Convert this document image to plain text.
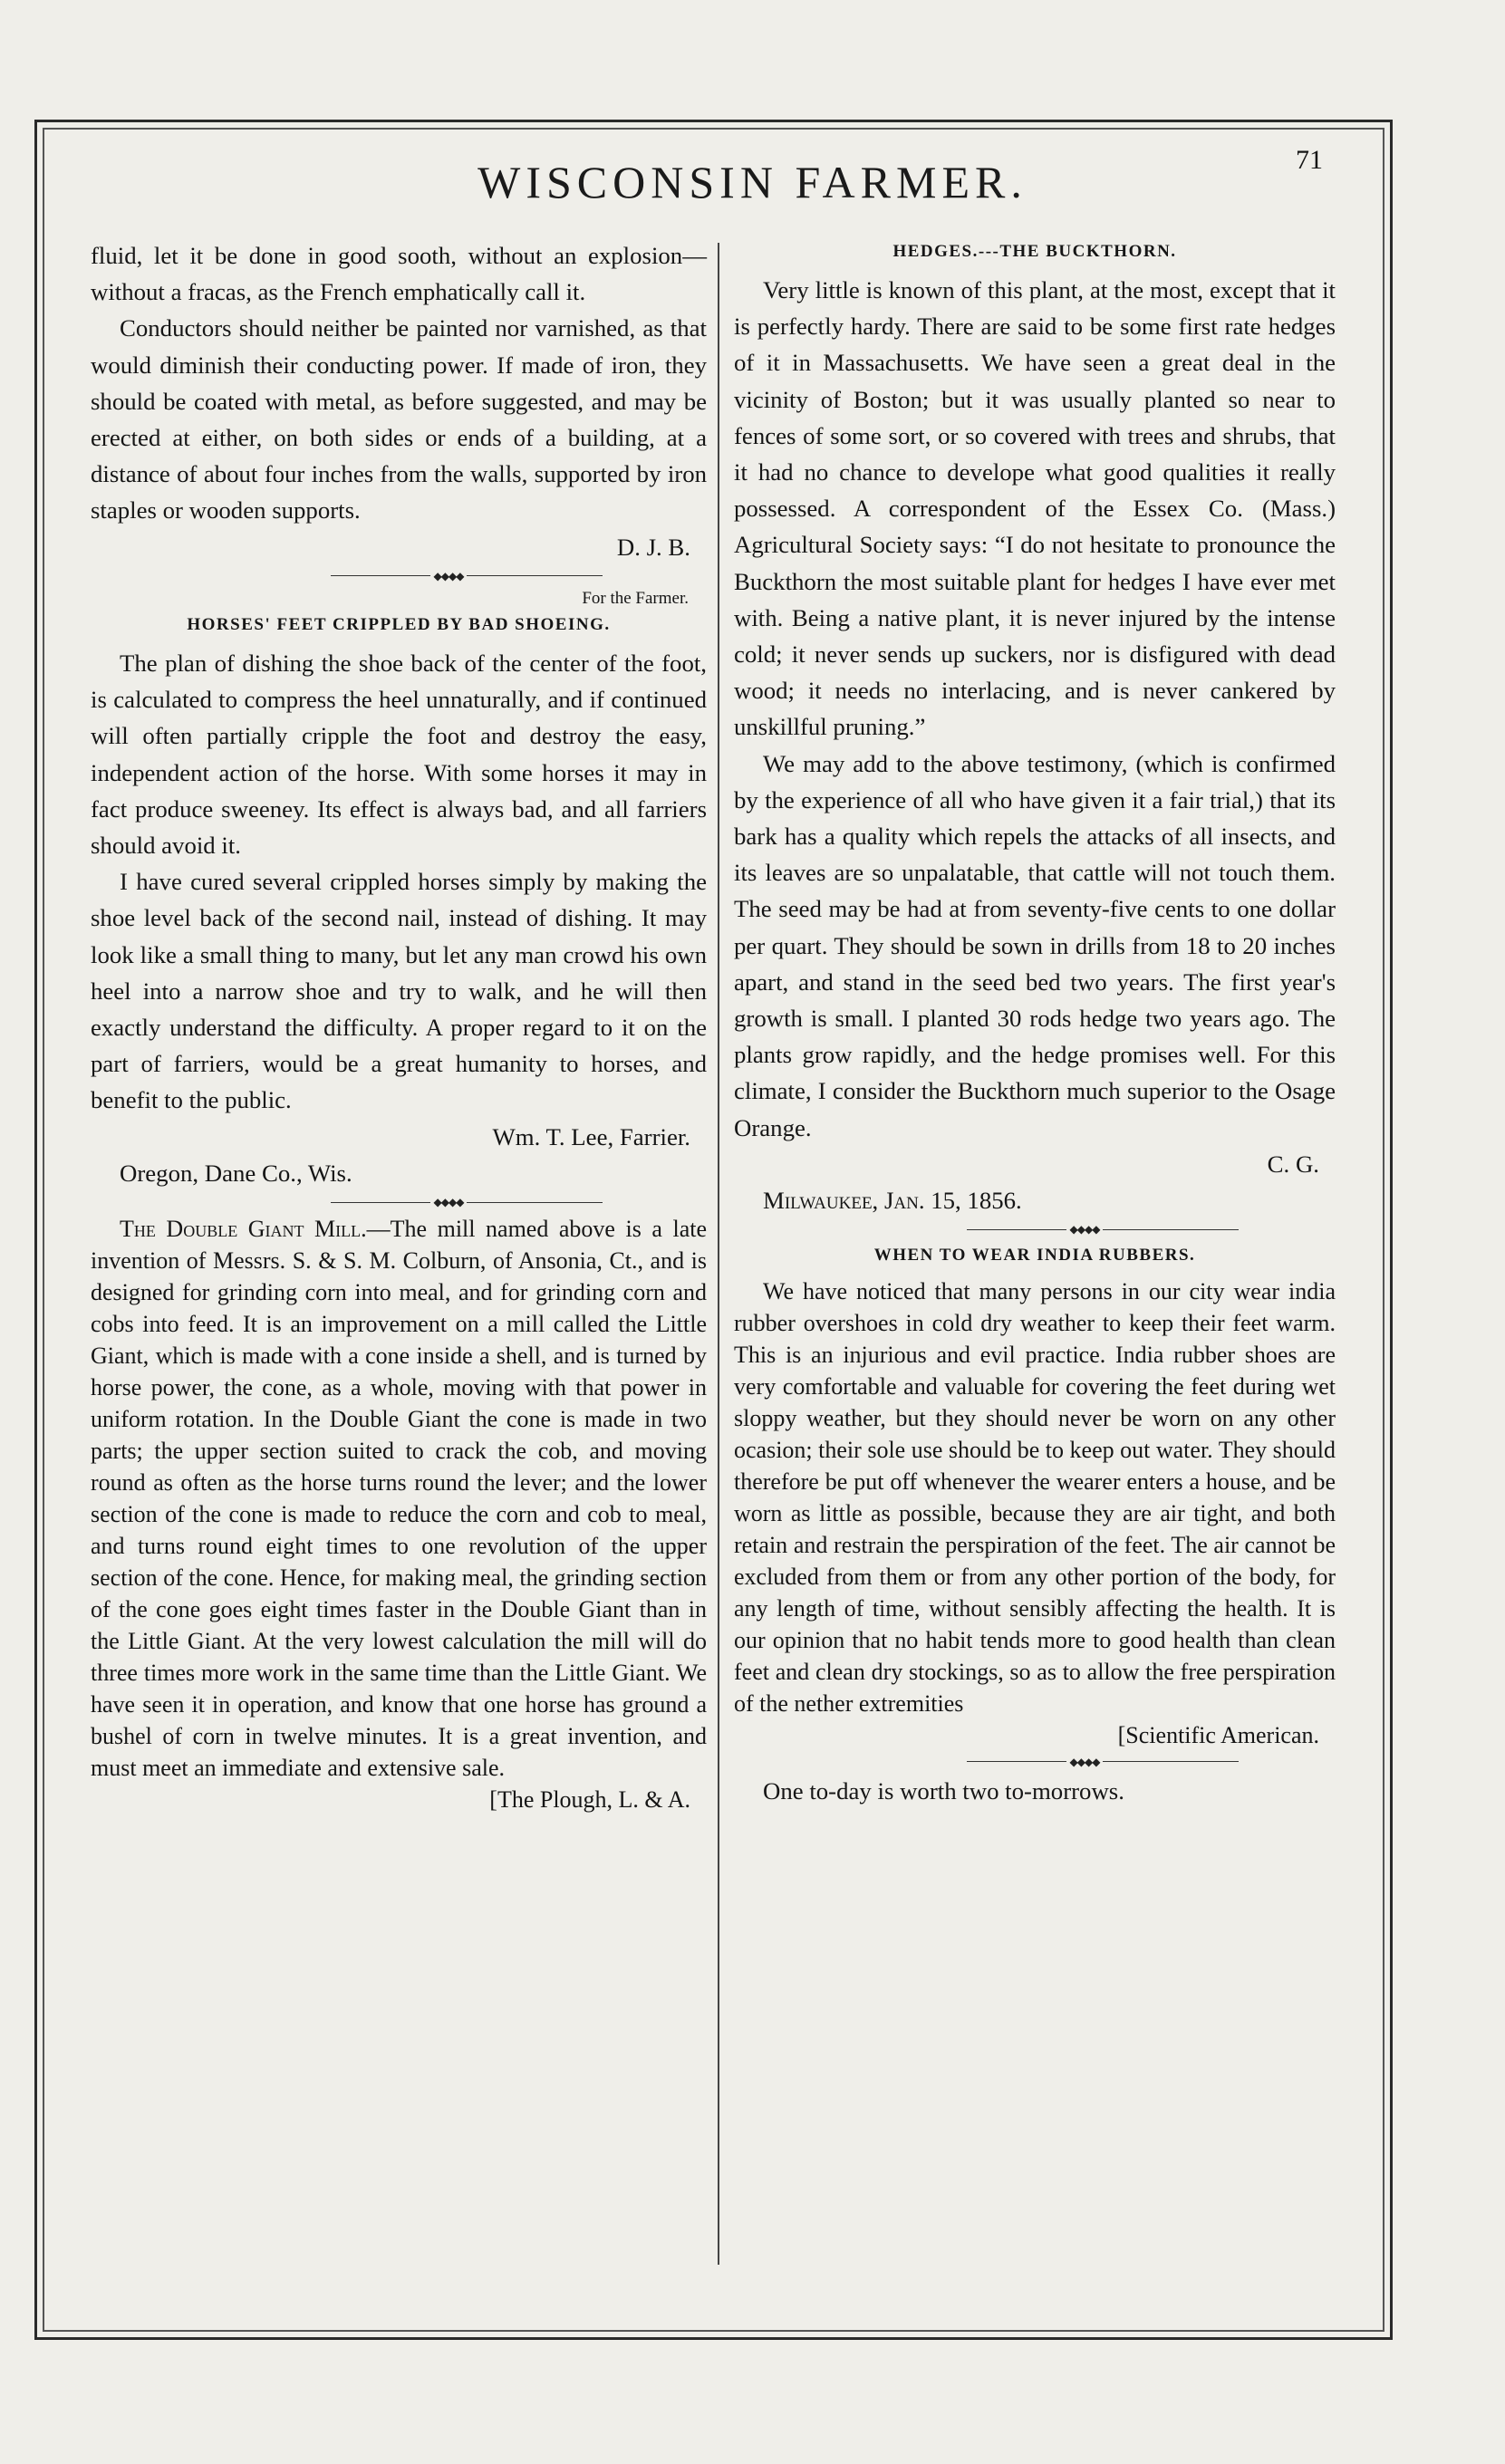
WISCONSIN FARMER.	71

fluid, let it be done in good sooth, without an explosion—without a fracas, as the French emphatically call it.

Conductors should neither be painted nor varnished, as that would diminish their conducting power. If made of iron, they should be coated with metal, as before suggested, and may be erected at either, on both sides or ends of a building, at a distance of about four inches from the walls, supported by iron staples or wooden supports.

D. J. B.

◆◆◆◆

For the Farmer.
HORSES' FEET CRIPPLED BY BAD SHOEING.

The plan of dishing the shoe back of the center of the foot, is calculated to compress the heel unnaturally, and if continued will often partially cripple the foot and destroy the easy, independent action of the horse. With some horses it may in fact produce sweeney. Its effect is always bad, and all farriers should avoid it.

I have cured several crippled horses simply by making the shoe level back of the second nail, instead of dishing. It may look like a small thing to many, but let any man crowd his own heel into a narrow shoe and try to walk, and he will then exactly understand the difficulty. A proper regard to it on the part of farriers, would be a great humanity to horses, and benefit to the public.

Wm. T. Lee, Farrier.

Oregon, Dane Co., Wis.

◆◆◆◆

The Double Giant Mill.—The mill named above is a late invention of Messrs. S. & S. M. Colburn, of Ansonia, Ct., and is designed for grinding corn into meal, and for grinding corn and cobs into feed. It is an improvement on a mill called the Little Giant, which is made with a cone inside a shell, and is turned by horse power, the cone, as a whole, moving with that power in uniform rotation. In the Double Giant the cone is made in two parts; the upper section suited to crack the cob, and moving round as often as the horse turns round the lever; and the lower section of the cone is made to reduce the corn and cob to meal, and turns round eight times to one revolution of the upper section of the cone. Hence, for making meal, the grinding section of the cone goes eight times faster in the Double Giant than in the Little Giant. At the very lowest calculation the mill will do three times more work in the same time than the Little Giant. We have seen it in operation, and know that one horse has ground a bushel of corn in twelve minutes. It is a great invention, and must meet an immediate and extensive sale.

[The Plough, L. & A.

HEDGES.---THE BUCKTHORN.

Very little is known of this plant, at the most, except that it is perfectly hardy. There are said to be some first rate hedges of it in Massachusetts. We have seen a great deal in the vicinity of Boston; but it was usually planted so near to fences of some sort, or so covered with trees and shrubs, that it had no chance to develope what good qualities it really possessed. A correspondent of the Essex Co. (Mass.) Agricultural Society says: “I do not hesitate to pronounce the Buckthorn the most suitable plant for hedges I have ever met with. Being a native plant, it is never injured by the intense cold; it never sends up suckers, nor is disfigured with dead wood; it needs no interlacing, and is never cankered by unskillful pruning.”

We may add to the above testimony, (which is confirmed by the experience of all who have given it a fair trial,) that its bark has a quality which repels the attacks of all insects, and its leaves are so unpalatable, that cattle will not touch them. The seed may be had at from seventy-five cents to one dollar per quart. They should be sown in drills from 18 to 20 inches apart, and stand in the seed bed two years. The first year's growth is small. I planted 30 rods hedge two years ago. The plants grow rapidly, and the hedge promises well. For this climate, I consider the Buckthorn much superior to the Osage Orange.

C. G.

Milwaukee, Jan. 15, 1856.

◆◆◆◆

WHEN TO WEAR INDIA RUBBERS.

We have noticed that many persons in our city wear india rubber overshoes in cold dry weather to keep their feet warm. This is an injurious and evil practice. India rubber shoes are very comfortable and valuable for covering the feet during wet sloppy weather, but they should never be worn on any other ocasion; their sole use should be to keep out water. They should therefore be put off whenever the wearer enters a house, and be worn as little as possible, because they are air tight, and both retain and restrain the perspiration of the feet. The air cannot be excluded from them or from any other portion of the body, for any length of time, without sensibly affecting the health. It is our opinion that no habit tends more to good health than clean feet and clean dry stockings, so as to allow the free perspiration of the nether extremities

[Scientific American.

◆◆◆◆

One to-day is worth two to-morrows.
